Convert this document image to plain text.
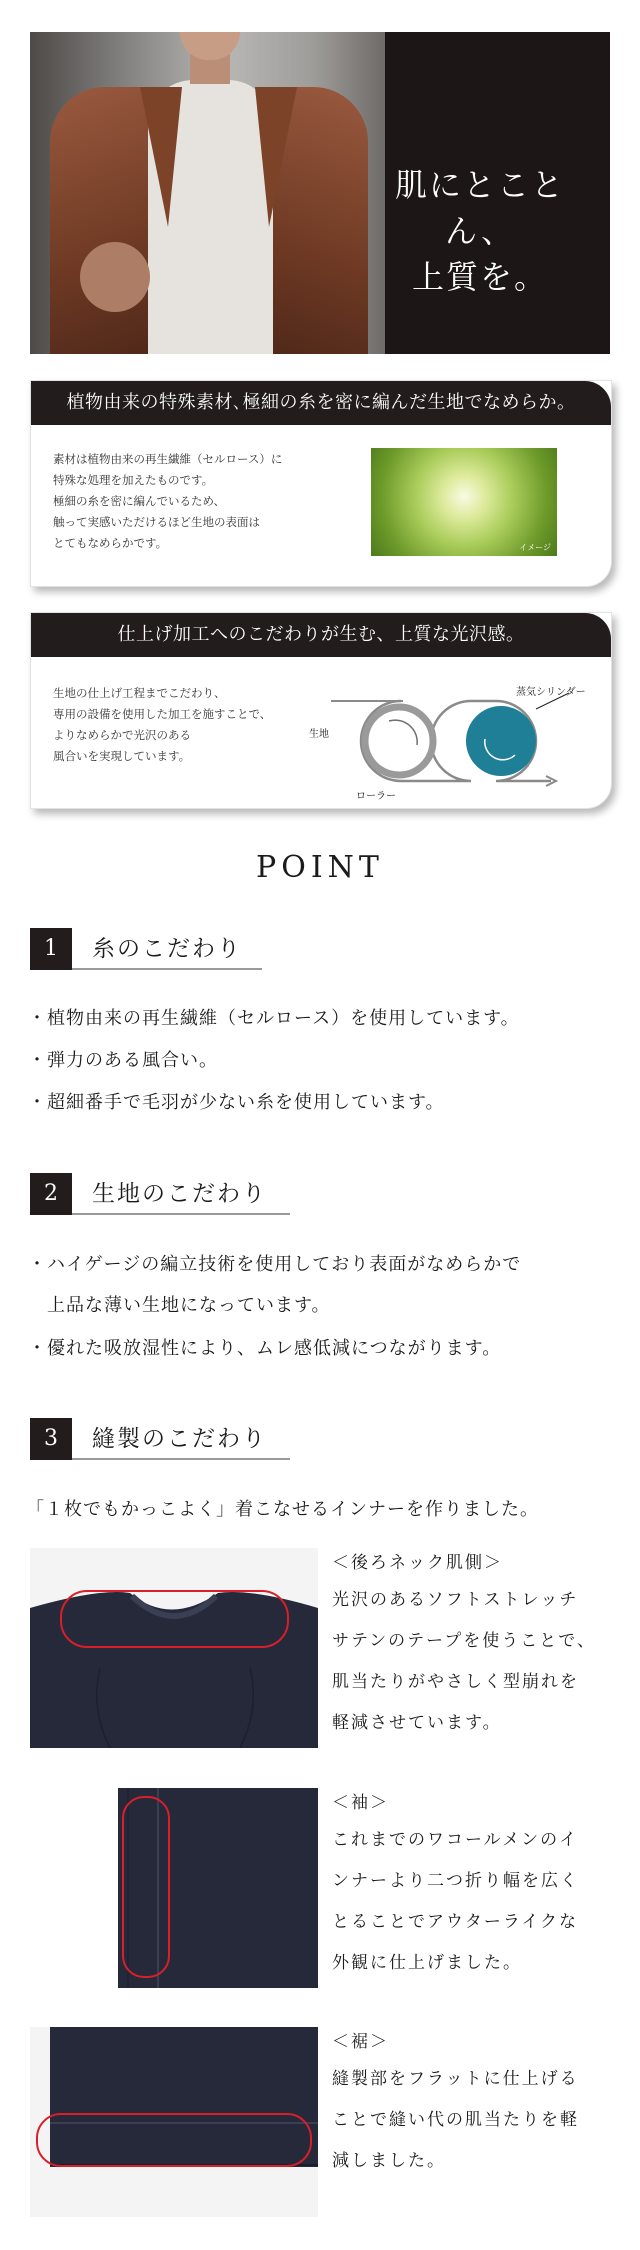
肌にとことん、
上質を。
植物由来の特殊素材､極細の糸を密に編んだ生地でなめらか。
素材は植物由来の再生繊維（セルロース）に
特殊な処理を加えたものです。
極細の糸を密に編んでいるため、
触って実感いただけるほど生地の表面は
とてもなめらかです。	イメージ
仕上げ加工へのこだわりが生む、上質な光沢感。
生地の仕上げ工程までこだわり、
専用の設備を使用した加工を施すことで、
よりなめらかで光沢のある
風合いを実現しています。
生地
ローラー
蒸気シリンダー
POINT
1	糸のこだわり
・植物由来の再生繊維（セルロース）を使用しています。
・弾力のある風合い。
・超細番手で毛羽が少ない糸を使用しています。
2	生地のこだわり
・ハイゲージの編立技術を使用しており表面がなめらかで
　上品な薄い生地になっています。
・優れた吸放湿性により、ムレ感低減につながります。
3	縫製のこだわり
「１枚でもかっこよく」着こなせるインナーを作りました。
＜後ろネック肌側＞
光沢のあるソフトストレッチ
サテンのテープを使うことで、
肌当たりがやさしく型崩れを
軽減させています。
＜袖＞
これまでのワコールメンのイ
ンナーより二つ折り幅を広く
とることでアウターライクな
外観に仕上げました。
＜裾＞
縫製部をフラットに仕上げる
ことで縫い代の肌当たりを軽
減しました。
